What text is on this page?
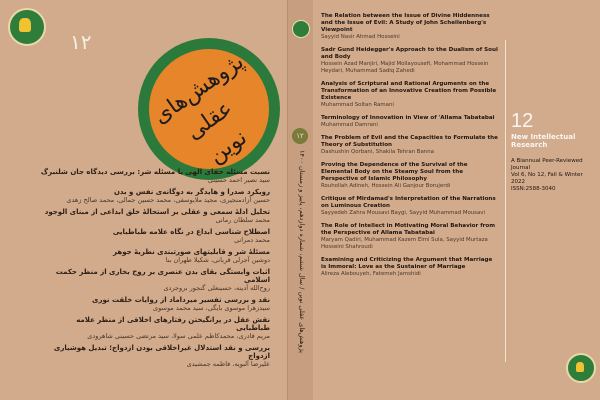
۱۲
پژوهش‌های عقلی نوین
نسبت مسئله خفای الهی با مسئله شر: بررسی دیدگاه جان شلنبرگ
سید نصیر احمد حسینی
رویکرد صدرا و هایدگر به دوگانه‌ی نفس و بدن
حسین آزادمنجیری، مجید ملایوسفی، محمد حسین جمالی، محمد صالح زهدی
تحلیل ادلهٔ سمعی و عقلی بر استحالهٔ خلق ابداعی از مبنای الوجود
محمد سلطان رمانی
اصطلاح شناسی ابداع در نگاه علامه طباطبایی
محمد دمرانی
مسئلهٔ شر و قابلیتهای صورتبندی نظریهٔ جوهر
دوشین آجرلی قربانی، شکیلا طهران بنا
اثبات وابستگی بقای بدن عنصری بر روح بخاری از منظر حکمت اسلامی
روح‌الله آدینه، حسینعلی گنجور بروجردی
نقد و بررسی تفسیر میرداماد از روایات خلقت نوری
سیدزهرا موسوی بایگی، سید محمد موسوی
نقش عقل در پرانگیختن رفتارهای اخلاقی از منظر علامه طباطبایی
مریم قادری، محمدکاظم علمی سولا، سید مرتضی حسینی شاهرودی
بررسی و نقد استدلال غیراخلاقی بودن ازدواج؛ تبدیل هوشیاری ازدواج
علیرضا آلبویه، فاطمه جمشیدی
۱۲
پژوهش‌های عقلی نوین / سال ششم، شماره دوازدهم، پاییز و زمستان ۱۴۰۰
The Relation between the Issue of Divine Hiddenness and the Issue of Evil: A Study of John Schellenberg's Viewpoint
Sayyid Nasir Ahmad Hosseini
Sadr Gund Heidegger's Approach to the Dualism of Soul and Body
Hossein Azad Manjiri, Majid Mollayousefi, Mohammad Hossein Heydari, Muhammad Sadiq Zahedi
Analysis of Scriptural and Rational Arguments on the Transformation of an Innovative Creation from Possible Existence
Muhammad Soltan Ramani
Terminology of Innovation in View of 'Allama Tabatabai
Muhammad Damrani
The Problem of Evil and the Capacities to Formulate the Theory of Substitution
Dashushin Qorbani, Shakila Tehran Banna
Proving the Dependence of the Survival of the Elemental Body on the Steamy Soul from the Perspective of Islamic Philosophy
Rouhollah Adineh, Hossein Ali Ganjour Borujerdi
Critique of Mirdamad's Interpretation of the Narrations on Luminous Creation
Sayyedeh Zahra Mousavi Baygi, Sayyid Muhammad Mousavi
The Role of Intellect in Motivating Moral Behavior from the Perspective of Allama Tabatabai
Maryam Qadiri, Muhammad Kazem Elmi Sula, Sayyid Murtaza Hosseini Shahroudi
Examining and Criticizing the Argument that Marriage is Immoral: Love as the Sustainer of Marriage
Alireza Alebouyeh, Fatemeh Jamshidi
12
New Intellectual Research
A Biannual Peer-Reviewed Journal
Vol 6, No 12, Fall & Winter 2022
ISSN:2588-3040
